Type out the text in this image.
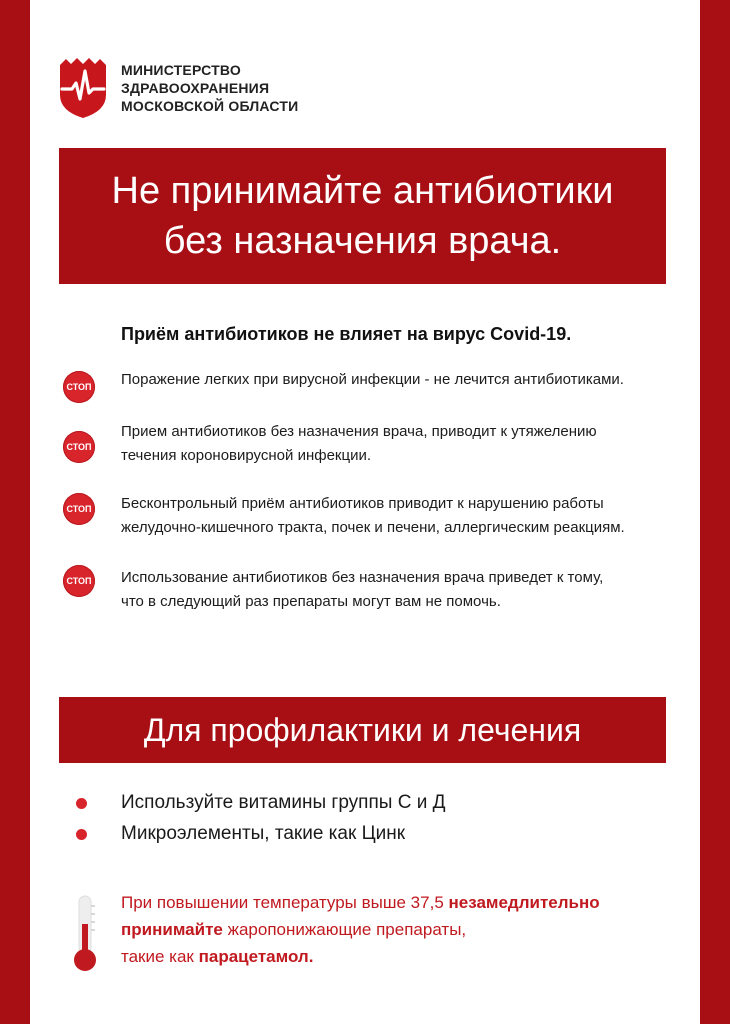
МИНИСТЕРСТВО
ЗДРАВООХРАНЕНИЯ
МОСКОВСКОЙ ОБЛАСТИ
Не принимайте антибиотики
без назначения врача.
Приём антибиотиков не влияет на вирус Covid-19.
СТОП Поражение легких при вирусной инфекции - не лечится антибиотиками.
СТОП
Прием антибиотиков без назначения врача, приводит к утяжелению
течения короновирусной инфекции.
СТОП Бесконтрольный приём антибиотиков приводит к нарушению работы
желудочно-кишечного тракта, почек и печени, аллергическим реакциям.
СТОП Использование антибиотиков без назначения врача приведет к тому,
что в следующий раз препараты могут вам не помочь.
Для профилактики и лечения
Используйте витамины группы С и Д
Микроэлементы, такие как Цинк
При повышении температуры выше 37,5 незамедлительно
принимайте жаропонижающие препараты,
такие как парацетамол.
